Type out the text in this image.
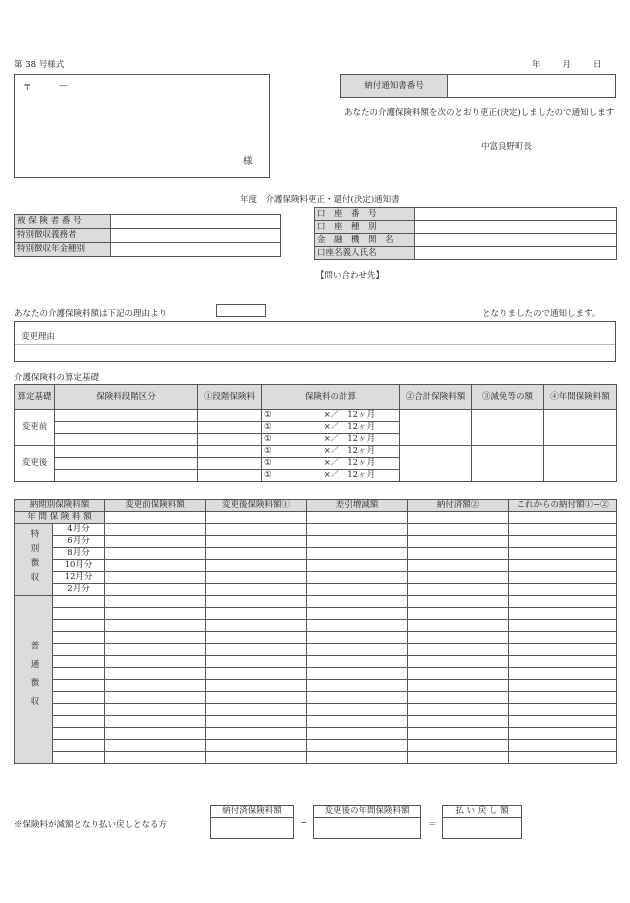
第 38 号様式	年	月	日
〒	—
様
納付通知書番号
あなたの介護保険料額を次のとおり更正(決定)しましたので通知します
中富良野町長
年度　介護保険料更正・還付(決定)通知書
被 保 険 者 番 号	
特別徴収義務者	
特別徴収年金種別	
口　座　番　号	
口　座　種　別	
金　融　機　関　名	
口座名義人氏名	
【問い合わせ先】
あなたの介護保険料額は下記の理由より	となりましたので通知します。
変更理由
介護保険料の算定基礎
算定基礎	保険料段階区分	①段階保険料	保険料の計算	②合計保険料額	③減免等の額	④年間保険料額
変更前			① ×／ 12ヶ月			
			① ×／ 12ヶ月			
			① ×／ 12ヶ月			
変更後			① ×／ 12ヶ月			
			① ×／ 12ヶ月			
			① ×／ 12ヶ月			
納期別保険料額		変更前保険料額	変更後保険料額①	差引増減額	納付済額②	これからの納付額①−②
年 間 保 険 料 額						
特別徴収	4月分					
	6月分					
	8月分					
	10月分					
	12月分					
	2月分					
普通徴収						

※保険料が減額となり払い戻しとなる方
納付済保険料額
−
変更後の年間保険料額
＝
払 い 戻 し 額
